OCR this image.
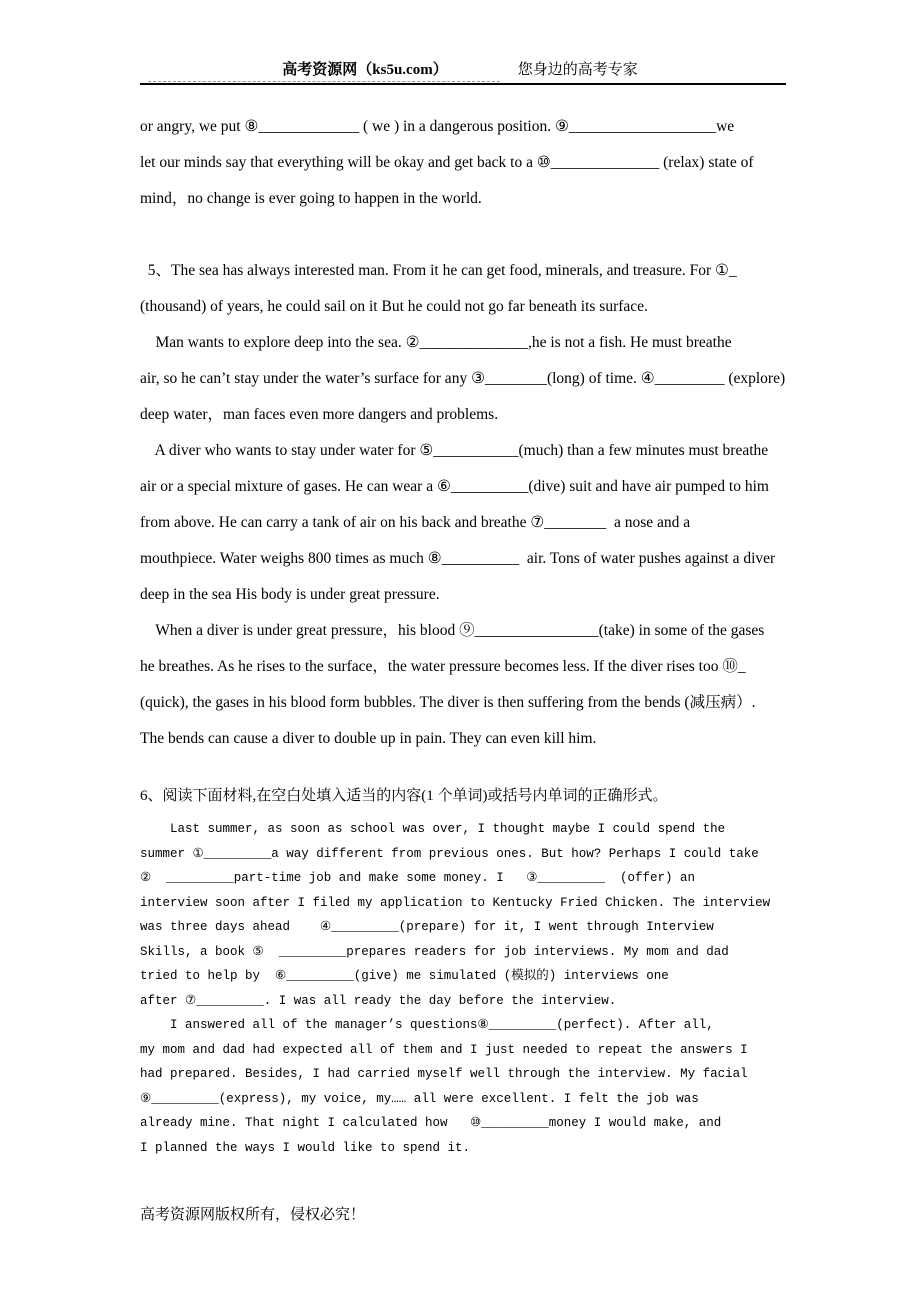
高考资源网（ks5u.com）	您身边的高考专家
or angry, we put ⑧_____________ ( we ) in a dangerous position. ⑨___________________we
let our minds say that everything will be okay and get back to a ⑩______________ (relax) state of
mind，no change is ever going to happen in the world.
5、The sea has always interested man. From it he can get food, minerals, and treasure. For ①_
(thousand) of years, he could sail on it But he could not go far beneath its surface.
Man wants to explore deep into the sea. ②______________,he is not a fish. He must breathe
air, so he can’t stay under the water’s surface for any ③________(long) of time. ④_________ (explore)
deep water，man faces even more dangers and problems.
A diver who wants to stay under water for ⑤___________(much) than a few minutes must breathe
air or a special mixture of gases. He can wear a ⑥__________(dive) suit and have air pumped to him
from above. He can carry a tank of air on his back and breathe ⑦________  a nose and a
mouthpiece. Water weighs 800 times as much ⑧__________  air. Tons of water pushes against a diver
deep in the sea His body is under great pressure.
When a diver is under great pressure，his blood ⑨________________(take) in some of the gases
he breathes. As he rises to the surface，the water pressure becomes less. If the diver rises too ⑩_
(quick), the gases in his blood form bubbles. The diver is then suffering from the bends (减压病）.
The bends can cause a diver to double up in pain. They can even kill him.
6、阅读下面材料,在空白处填入适当的内容(1 个单词)或括号内单词的正确形式。
Last summer, as soon as school was over, I thought maybe I could spend the
summer ①_________a way different from previous ones. But how? Perhaps I could take
②  _________part-time job and make some money. I   ③_________  (offer) an
interview soon after I filed my application to Kentucky Fried Chicken. The interview
was three days ahead    ④_________(prepare) for it, I went through Interview
Skills, a book ⑤  _________prepares readers for job interviews. My mom and dad
tried to help by  ⑥_________(give) me simulated (模拟的) interviews one
after ⑦_________. I was all ready the day before the interview.
I answered all of the manager’s questions⑧_________(perfect). After all,
my mom and dad had expected all of them and I just needed to repeat the answers I
had prepared. Besides, I had carried myself well through the interview. My facial
⑨_________(express), my voice, my…… all were excellent. I felt the job was
already mine. That night I calculated how   ⑩_________money I would make, and
I planned the ways I would like to spend it.
高考资源网版权所有，侵权必究！
